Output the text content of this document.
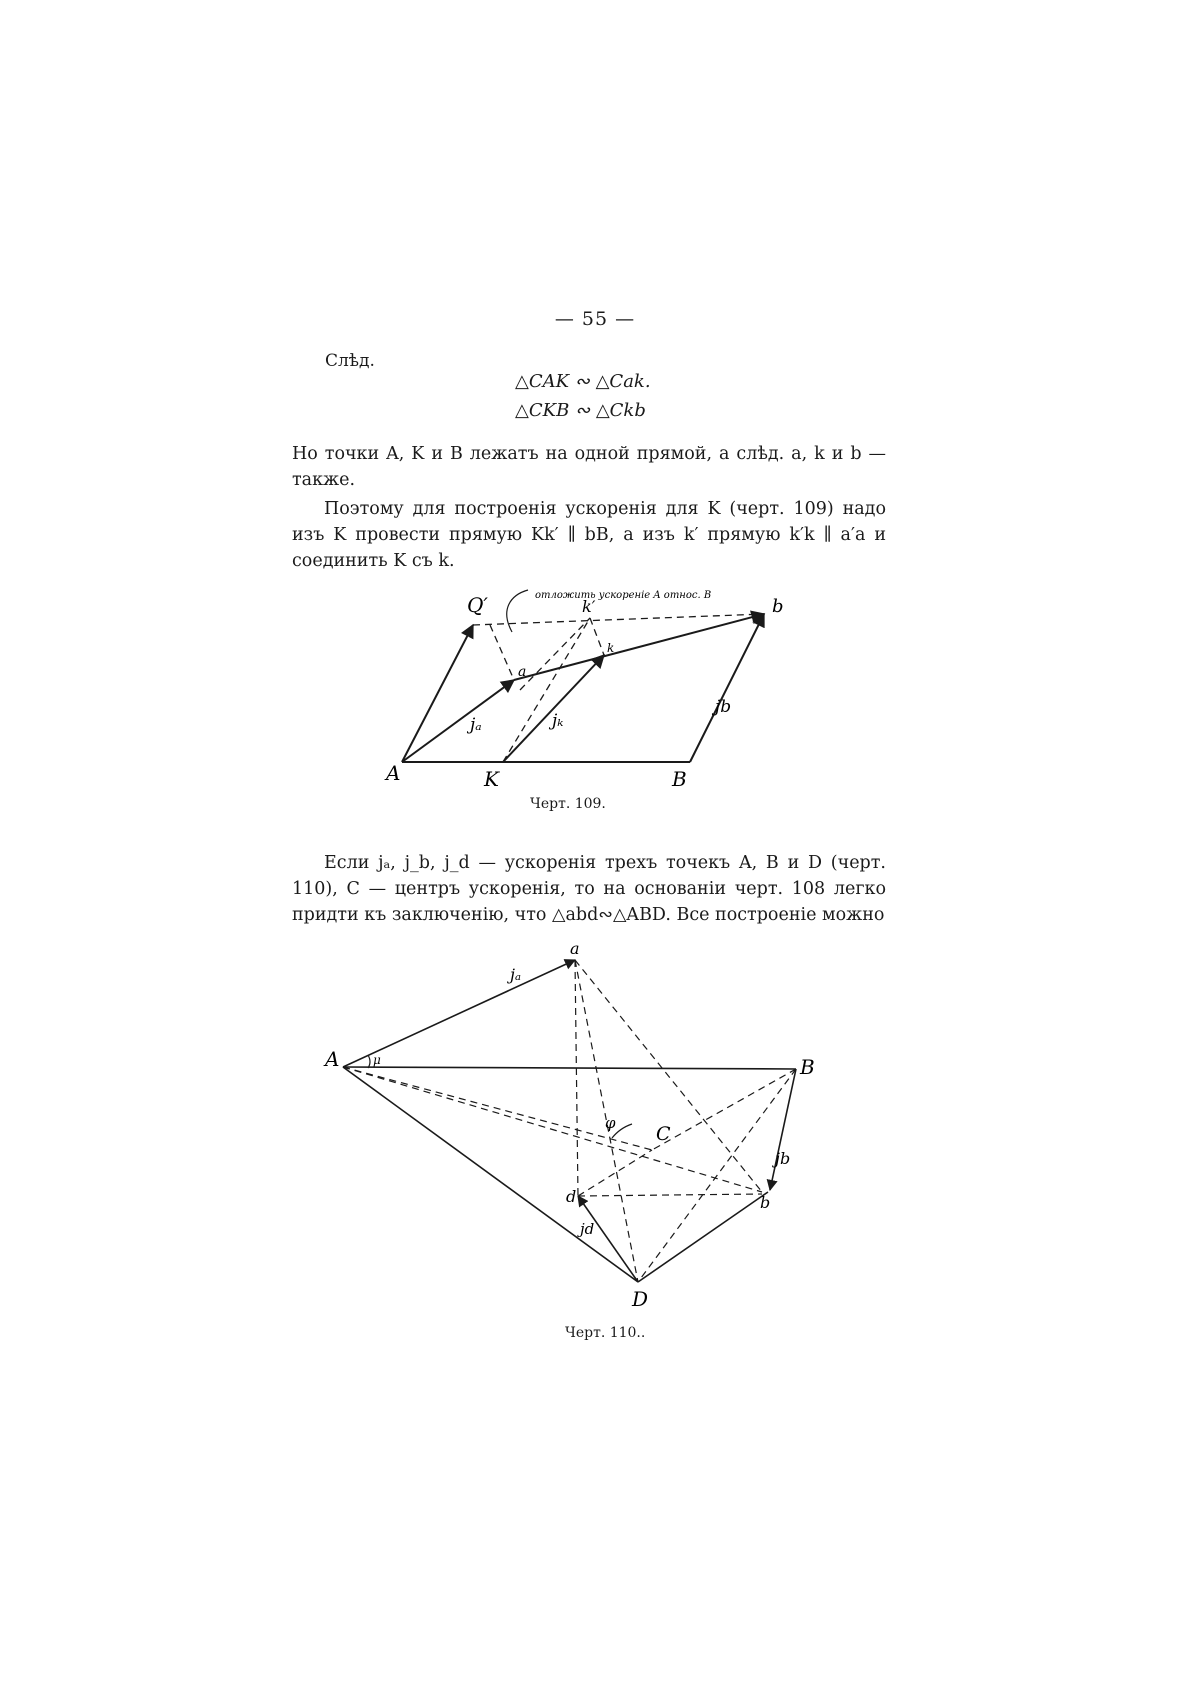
— 55 —
Слѣд.
△CAK ∾ △Cak.
△CKB ∾ △Ckb
Но точки A, K и B лежатъ на одной прямой, а слѣд. a, k и b — также.
Поэтому для построенія ускоренія для K (черт. 109) надо изъ K провести прямую Kk′ ∥ bB, а изъ k′ прямую k′k ∥ a′a и соединить K съ k.
отложить ускореніе A относ. B
A	K	B
Q′
a
k
k′	b
jₐ	jₖ
jb
Черт. 109.
Если jₐ, j_b, j_d — ускоренія трехъ точекъ A, B и D (черт. 110), C — центръ ускоренія, то на основаніи черт. 108 легко придти къ заключенію, что △abd∾△ABD. Все построеніе можно
A	B
D
C
a
b
d
jₐ
jb
jd
μ
φ
Черт. 110..
